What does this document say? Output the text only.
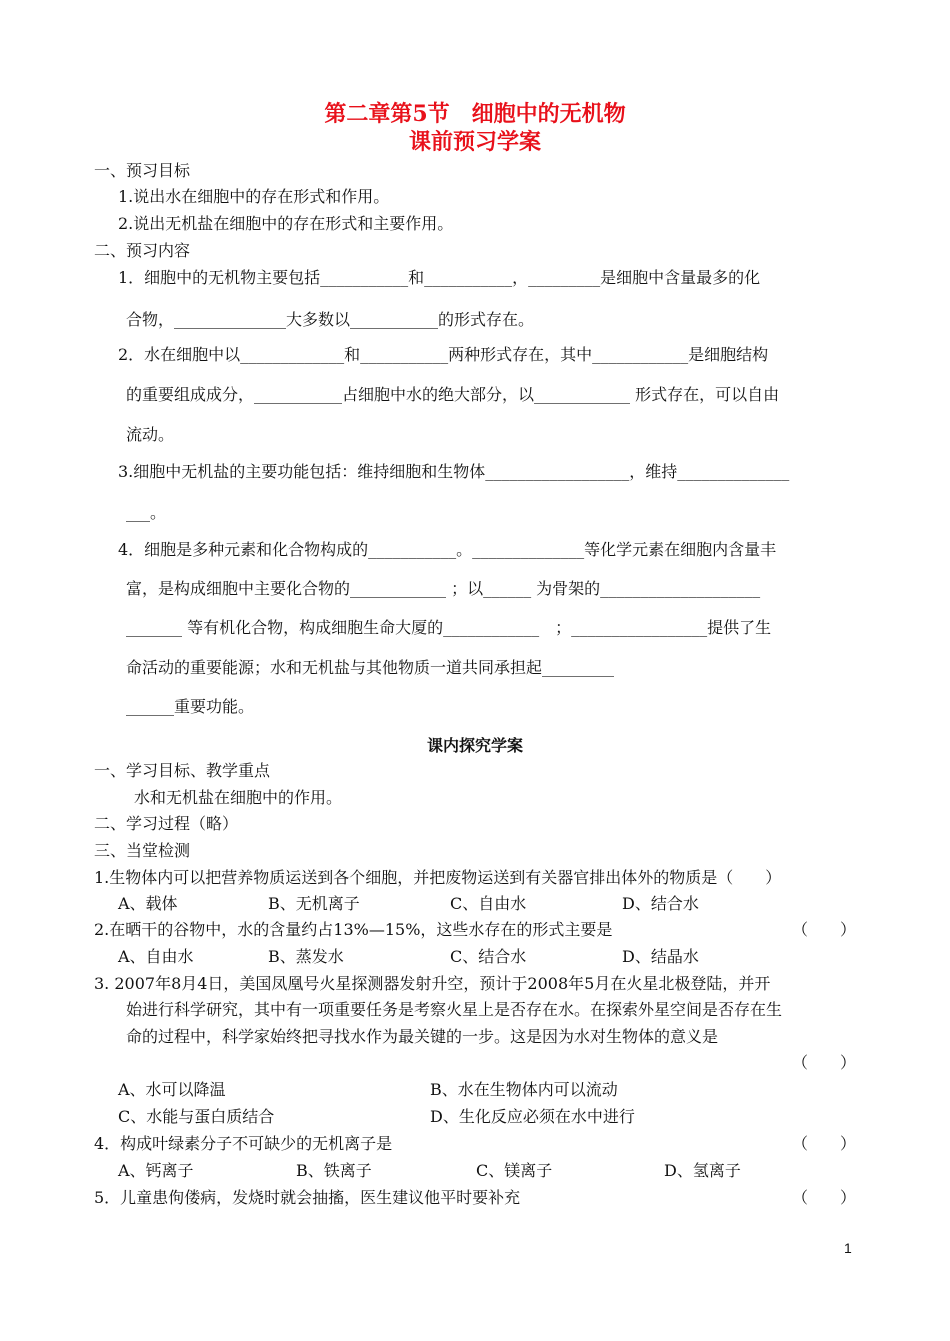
第二章第5节　细胞中的无机物
课前预习学案
一、预习目标
1.说出水在细胞中的存在形式和作用。
2.说出无机盐在细胞中的存在形式和主要作用。
二、预习内容
1．细胞中的无机物主要包括___________和___________，_________是细胞中含量最多的化
合物，______________大多数以___________的形式存在。
2．水在细胞中以_____________和___________两种形式存在，其中____________是细胞结构
的重要组成成分，___________占细胞中水的绝大部分，以____________ 形式存在，可以自由
流动。
3.细胞中无机盐的主要功能包括：维持细胞和生物体__________________，维持______________
___。
4．细胞是多种元素和化合物构成的___________。______________等化学元素在细胞内含量丰
富，是构成细胞中主要化合物的____________ ；以______ 为骨架的____________________
_______ 等有机化合物，构成细胞生命大厦的____________　；_________________提供了生
命活动的重要能源；水和无机盐与其他物质一道共同承担起_________
______重要功能。
课内探究学案
一、学习目标、教学重点
水和无机盐在细胞中的作用。
二、学习过程（略）
三、当堂检测
1.生物体内可以把营养物质运送到各个细胞，并把废物运送到有关器官排出体外的物质是（　　）
A、载体	B、无机离子	C、自由水	D、结合水
2.在晒干的谷物中，水的含量约占13%—15%，这些水存在的形式主要是	（　　）
A、自由水	B、蒸发水	C、结合水	D、结晶水
3. 2007年8月4日，美国凤凰号火星探测器发射升空，预计于2008年5月在火星北极登陆，并开
始进行科学研究，其中有一项重要任务是考察火星上是否存在水。在探索外星空间是否存在生
命的过程中，科学家始终把寻找水作为最关键的一步。这是因为水对生物体的意义是
（　　）
A、水可以降温	B、水在生物体内可以流动
C、水能与蛋白质结合	D、生化反应必须在水中进行
4．构成叶绿素分子不可缺少的无机离子是	（　　）
A、钙离子	B、铁离子	C、镁离子	D、氢离子
5．儿童患佝偻病，发烧时就会抽搐，医生建议他平时要补充	（　　）
1
